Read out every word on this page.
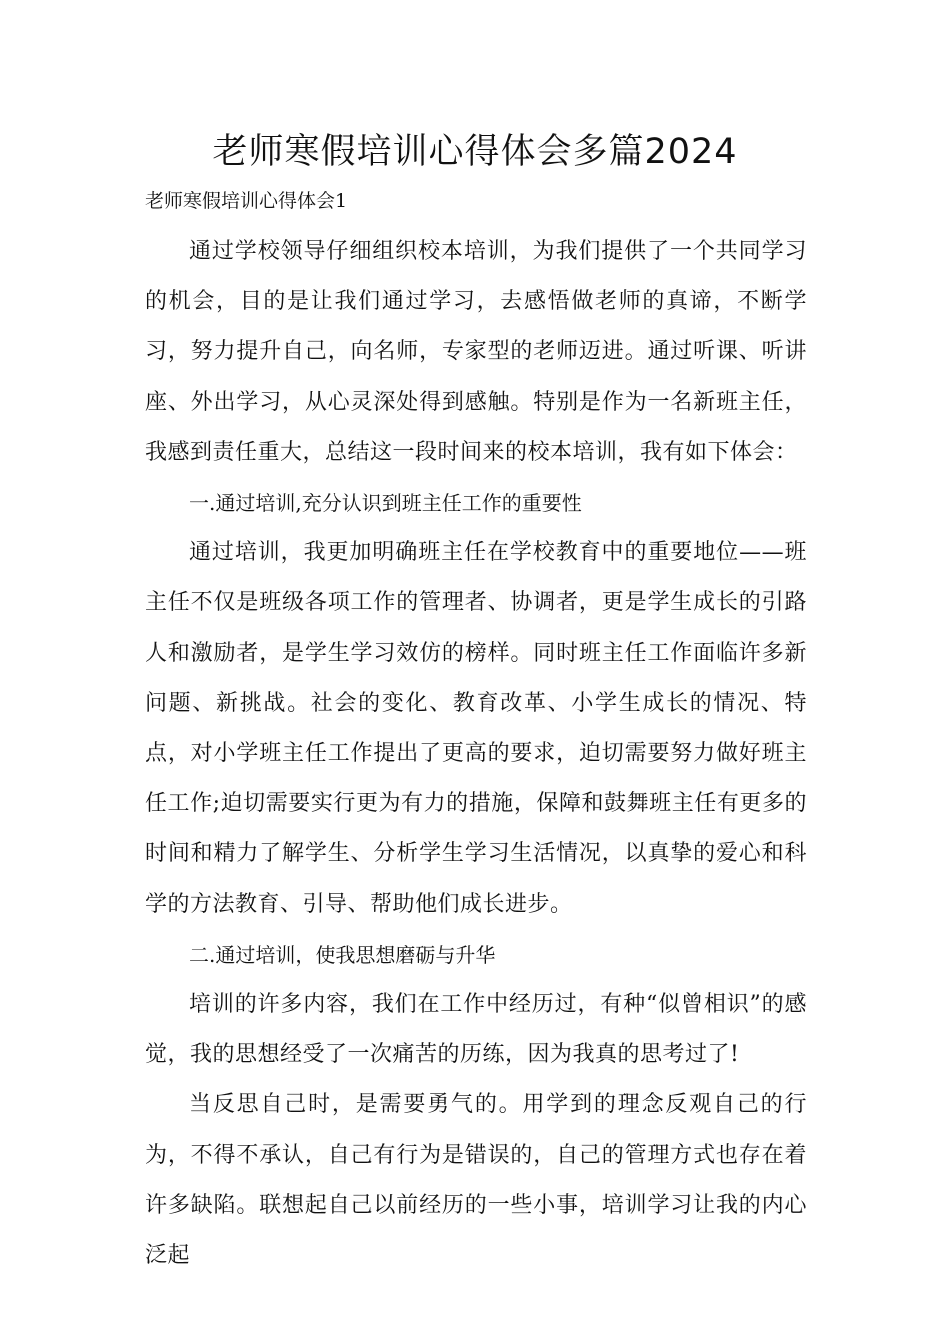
老师寒假培训心得体会多篇2024

老师寒假培训心得体会1

通过学校领导仔细组织校本培训，为我们提供了一个共同学习的机会，目的是让我们通过学习，去感悟做老师的真谛，不断学习，努力提升自己，向名师，专家型的老师迈进。通过听课、听讲座、外出学习，从心灵深处得到感触。特别是作为一名新班主任，我感到责任重大，总结这一段时间来的校本培训，我有如下体会：

一.通过培训,充分认识到班主任工作的重要性

通过培训，我更加明确班主任在学校教育中的重要地位——班主任不仅是班级各项工作的管理者、协调者，更是学生成长的引路人和激励者，是学生学习效仿的榜样。同时班主任工作面临许多新问题、新挑战。社会的变化、教育改革、小学生成长的情况、特点，对小学班主任工作提出了更高的要求，迫切需要努力做好班主任工作;迫切需要实行更为有力的措施，保障和鼓舞班主任有更多的时间和精力了解学生、分析学生学习生活情况，以真挚的爱心和科学的方法教育、引导、帮助他们成长进步。

二.通过培训，使我思想磨砺与升华

培训的许多内容，我们在工作中经历过，有种“似曾相识”的感觉，我的思想经受了一次痛苦的历练，因为我真的思考过了!

当反思自己时，是需要勇气的。用学到的理念反观自己的行为，不得不承认，自己有行为是错误的，自己的管理方式也存在着许多缺陷。联想起自己以前经历的一些小事，培训学习让我的内心泛起
